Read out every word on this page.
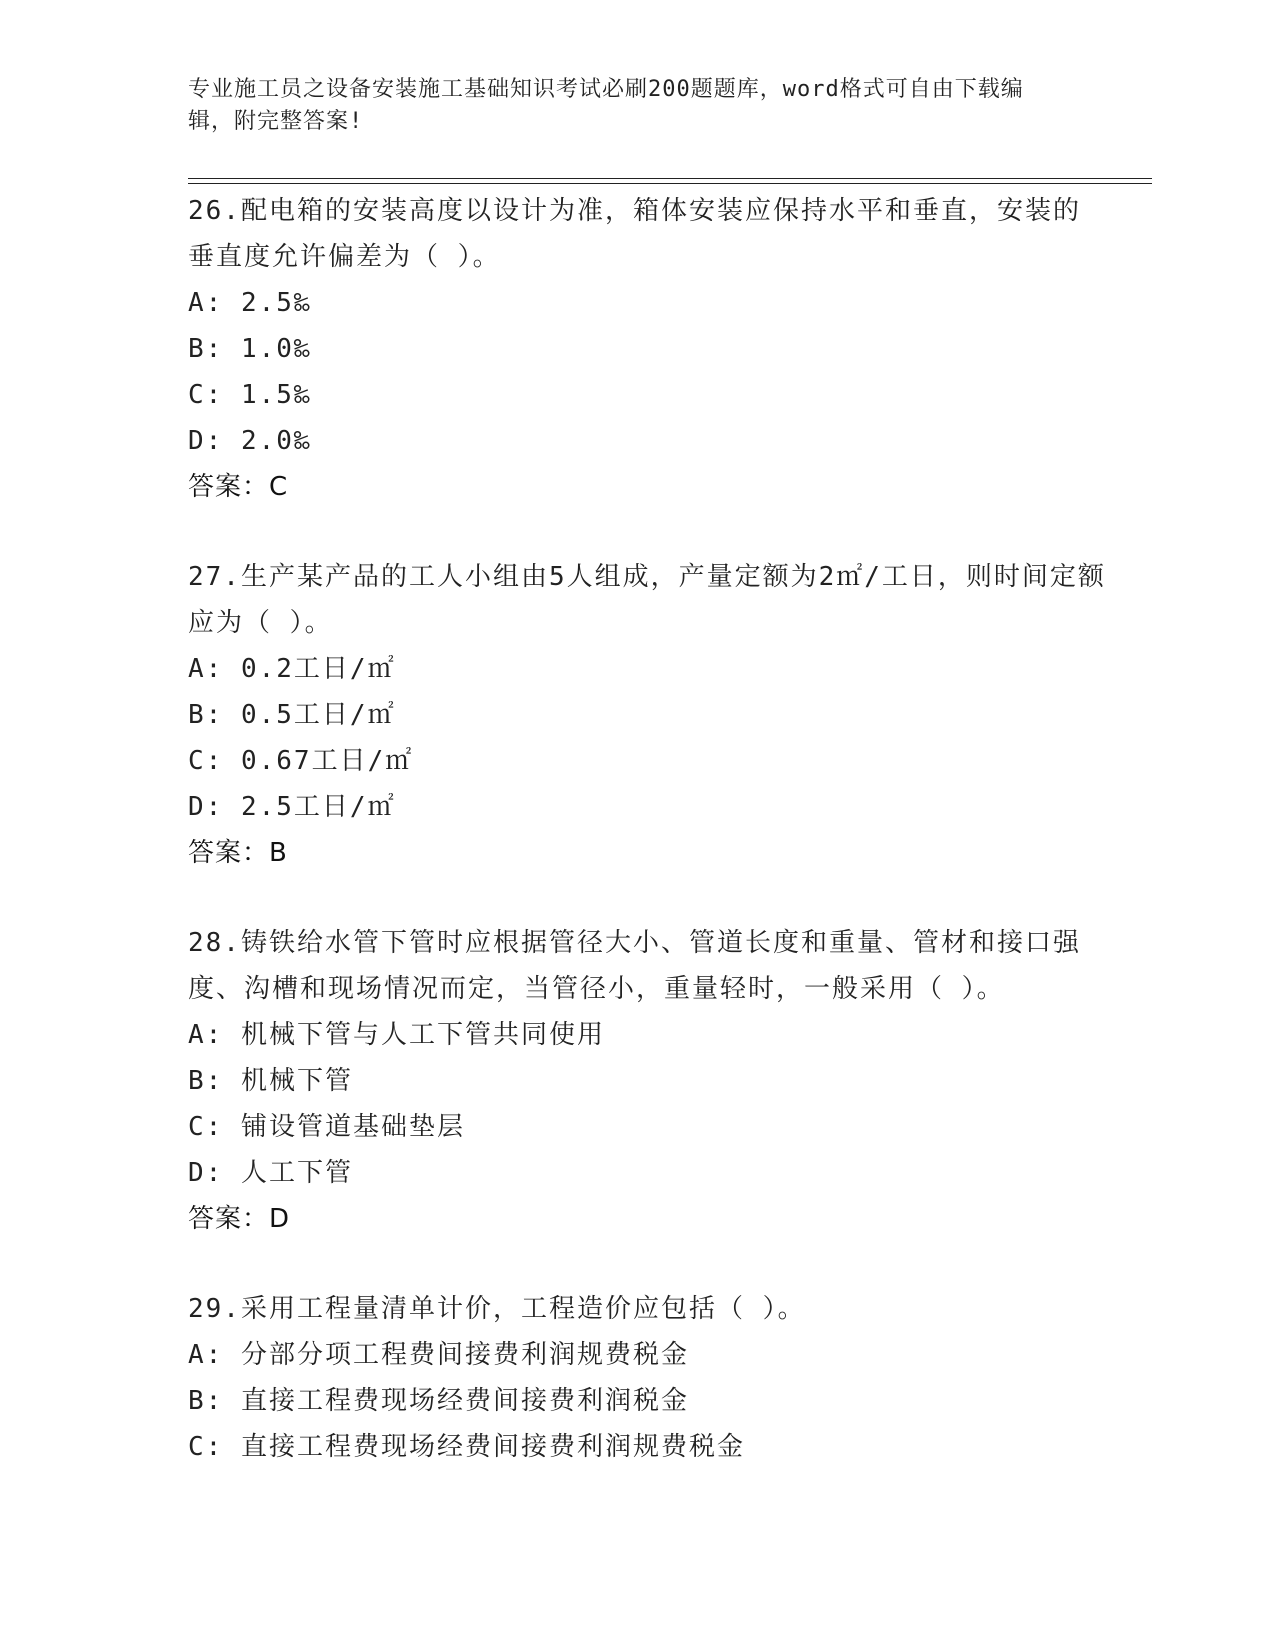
专业施工员之设备安装施工基础知识考试必刷200题题库，word格式可自由下载编辑，附完整答案!
26.配电箱的安装高度以设计为准，箱体安装应保持水平和垂直，安装的垂直度允许偏差为（ ）。
A: 2.5‰
B: 1.0‰
C: 1.5‰
D: 2.0‰
答案：C
27.生产某产品的工人小组由5人组成，产量定额为2㎡/工日，则时间定额应为（ ）。
A: 0.2工日/㎡
B: 0.5工日/㎡
C: 0.67工日/㎡
D: 2.5工日/㎡
答案：B
28.铸铁给水管下管时应根据管径大小、管道长度和重量、管材和接口强度、沟槽和现场情况而定，当管径小，重量轻时，一般采用（ ）。
A: 机械下管与人工下管共同使用
B: 机械下管
C: 铺设管道基础垫层
D: 人工下管
答案：D
29.采用工程量清单计价，工程造价应包括（ ）。
A: 分部分项工程费间接费利润规费税金
B: 直接工程费现场经费间接费利润税金
C: 直接工程费现场经费间接费利润规费税金
